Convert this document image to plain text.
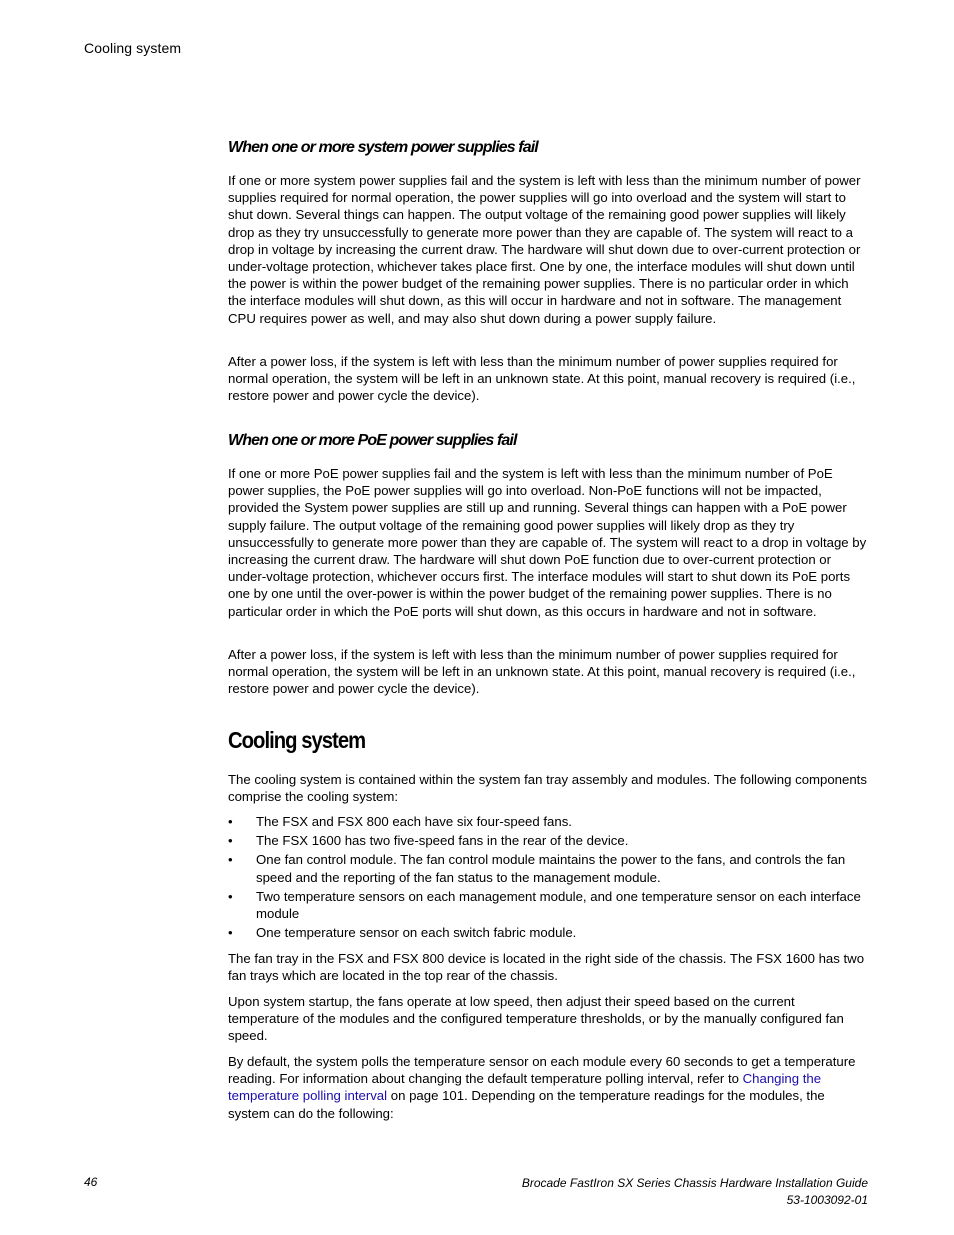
Cooling system
When one or more system power supplies fail

If one or more system power supplies fail and the system is left with less than the minimum number of power supplies required for normal operation, the power supplies will go into overload and the system will start to shut down. Several things can happen. The output voltage of the remaining good power supplies will likely drop as they try unsuccessfully to generate more power than they are capable of. The system will react to a drop in voltage by increasing the current draw. The hardware will shut down due to over-current protection or under-voltage protection, whichever takes place first. One by one, the interface modules will shut down until the power is within the power budget of the remaining power supplies. There is no particular order in which the interface modules will shut down, as this will occur in hardware and not in software. The management CPU requires power as well, and may also shut down during a power supply failure.

After a power loss, if the system is left with less than the minimum number of power supplies required for normal operation, the system will be left in an unknown state. At this point, manual recovery is required (i.e., restore power and power cycle the device).

When one or more PoE power supplies fail

If one or more PoE power supplies fail and the system is left with less than the minimum number of PoE power supplies, the PoE power supplies will go into overload. Non-PoE functions will not be impacted, provided the System power supplies are still up and running. Several things can happen with a PoE power supply failure. The output voltage of the remaining good power supplies will likely drop as they try unsuccessfully to generate more power than they are capable of. The system will react to a drop in voltage by increasing the current draw. The hardware will shut down PoE function due to over-current protection or under-voltage protection, whichever occurs first. The interface modules will start to shut down its PoE ports one by one until the over-power is within the power budget of the remaining power supplies. There is no particular order in which the PoE ports will shut down, as this occurs in hardware and not in software.

After a power loss, if the system is left with less than the minimum number of power supplies required for normal operation, the system will be left in an unknown state. At this point, manual recovery is required (i.e., restore power and power cycle the device).

Cooling system

The cooling system is contained within the system fan tray assembly and modules. The following components comprise the cooling system:

• The FSX and FSX 800 each have six four-speed fans.
• The FSX 1600 has two five-speed fans in the rear of the device.
• One fan control module. The fan control module maintains the power to the fans, and controls the fan speed and the reporting of the fan status to the management module.
• Two temperature sensors on each management module, and one temperature sensor on each interface module
• One temperature sensor on each switch fabric module.

The fan tray in the FSX and FSX 800 device is located in the right side of the chassis. The FSX 1600 has two fan trays which are located in the top rear of the chassis.

Upon system startup, the fans operate at low speed, then adjust their speed based on the current temperature of the modules and the configured temperature thresholds, or by the manually configured fan speed.

By default, the system polls the temperature sensor on each module every 60 seconds to get a temperature reading. For information about changing the default temperature polling interval, refer to Changing the temperature polling interval on page 101. Depending on the temperature readings for the modules, the system can do the following:

46	Brocade FastIron SX Series Chassis Hardware Installation Guide
53-1003092-01
